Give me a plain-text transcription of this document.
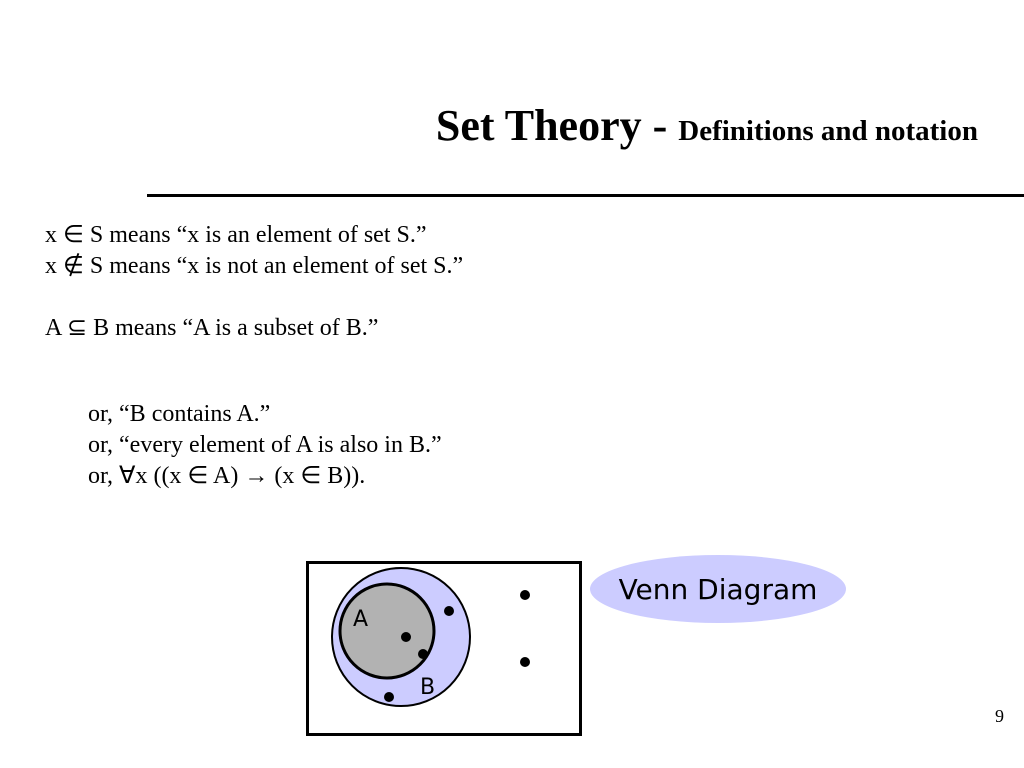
Set Theory - Definitions and notation
x ∈ S means “x is an element of set S.”
x ∉ S means “x is not an element of set S.”
A ⊆ B means “A is a subset of B.”
or, “B contains A.”
or, “every element of A is also in B.”
or, ∀x ((x ∈ A) → (x ∈ B)).
A
B
Venn Diagram
9
